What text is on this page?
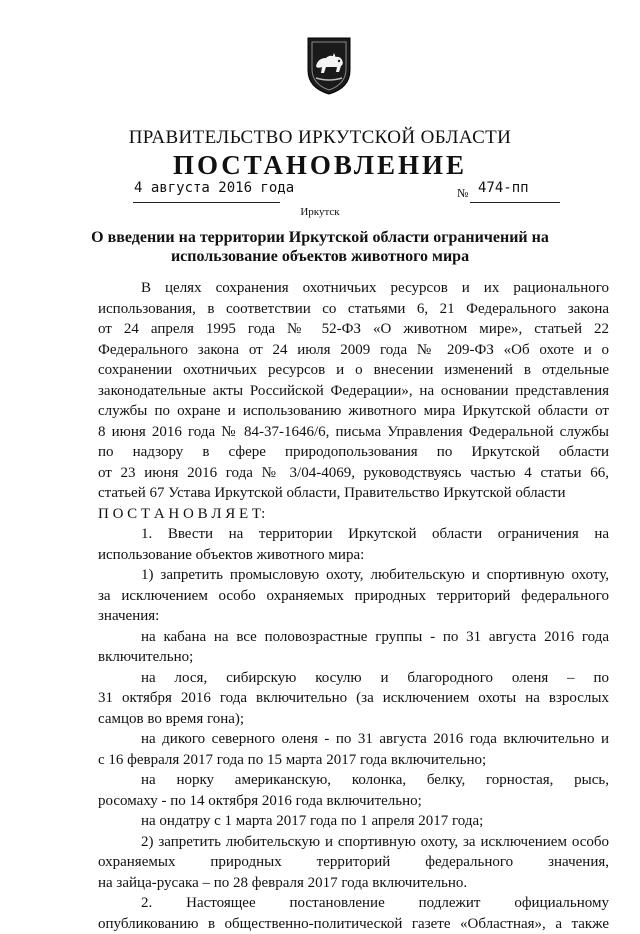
ПРАВИТЕЛЬСТВО ИРКУТСКОЙ ОБЛАСТИ
ПОСТАНОВЛЕНИЕ
4 августа 2016 года	№ 474-пп
Иркутск
О введении на территории Иркутской области ограничений на
использование объектов животного мира
В целях сохранения охотничьих ресурсов и их рационального
использования, в соответствии со статьями 6, 21 Федерального закона
от 24 апреля 1995 года № 52-ФЗ «О животном мире», статьей 22
Федерального закона от 24 июля 2009 года № 209-ФЗ «Об охоте и о
сохранении охотничьих ресурсов и о внесении изменений в отдельные
законодательные акты Российской Федерации», на основании представления
службы по охране и использованию животного мира Иркутской области от
8 июня 2016 года № 84-37-1646/6, письма Управления Федеральной службы
по надзору в сфере природопользования по Иркутской области
от 23 июня 2016 года № 3/04-4069, руководствуясь частью 4 статьи 66,
статьей 67 Устава Иркутской области, Правительство Иркутской области
П О С Т А Н О В Л Я Е Т:
1. Ввести на территории Иркутской области ограничения на
использование объектов животного мира:
1) запретить промысловую охоту, любительскую и спортивную охоту,
за исключением особо охраняемых природных территорий федерального
значения:
на кабана на все половозрастные группы - по 31 августа 2016 года
включительно;
на лося, сибирскую косулю и благородного оленя – по
31 октября 2016 года включительно (за исключением охоты на взрослых
самцов во время гона);
на дикого северного оленя - по 31 августа 2016 года включительно и
с 16 февраля 2017 года по 15 марта 2017 года включительно;
на норку американскую, колонка, белку, горностая, рысь,
росомаху - по 14 октября 2016 года включительно;
на ондатру с 1 марта 2017 года по 1 апреля 2017 года;
2) запретить любительскую и спортивную охоту, за исключением особо
охраняемых природных территорий федерального значения,
на зайца-русака – по 28 февраля 2017 года включительно.
2. Настоящее постановление подлежит официальному
опубликованию в общественно-политической газете «Областная», а также
